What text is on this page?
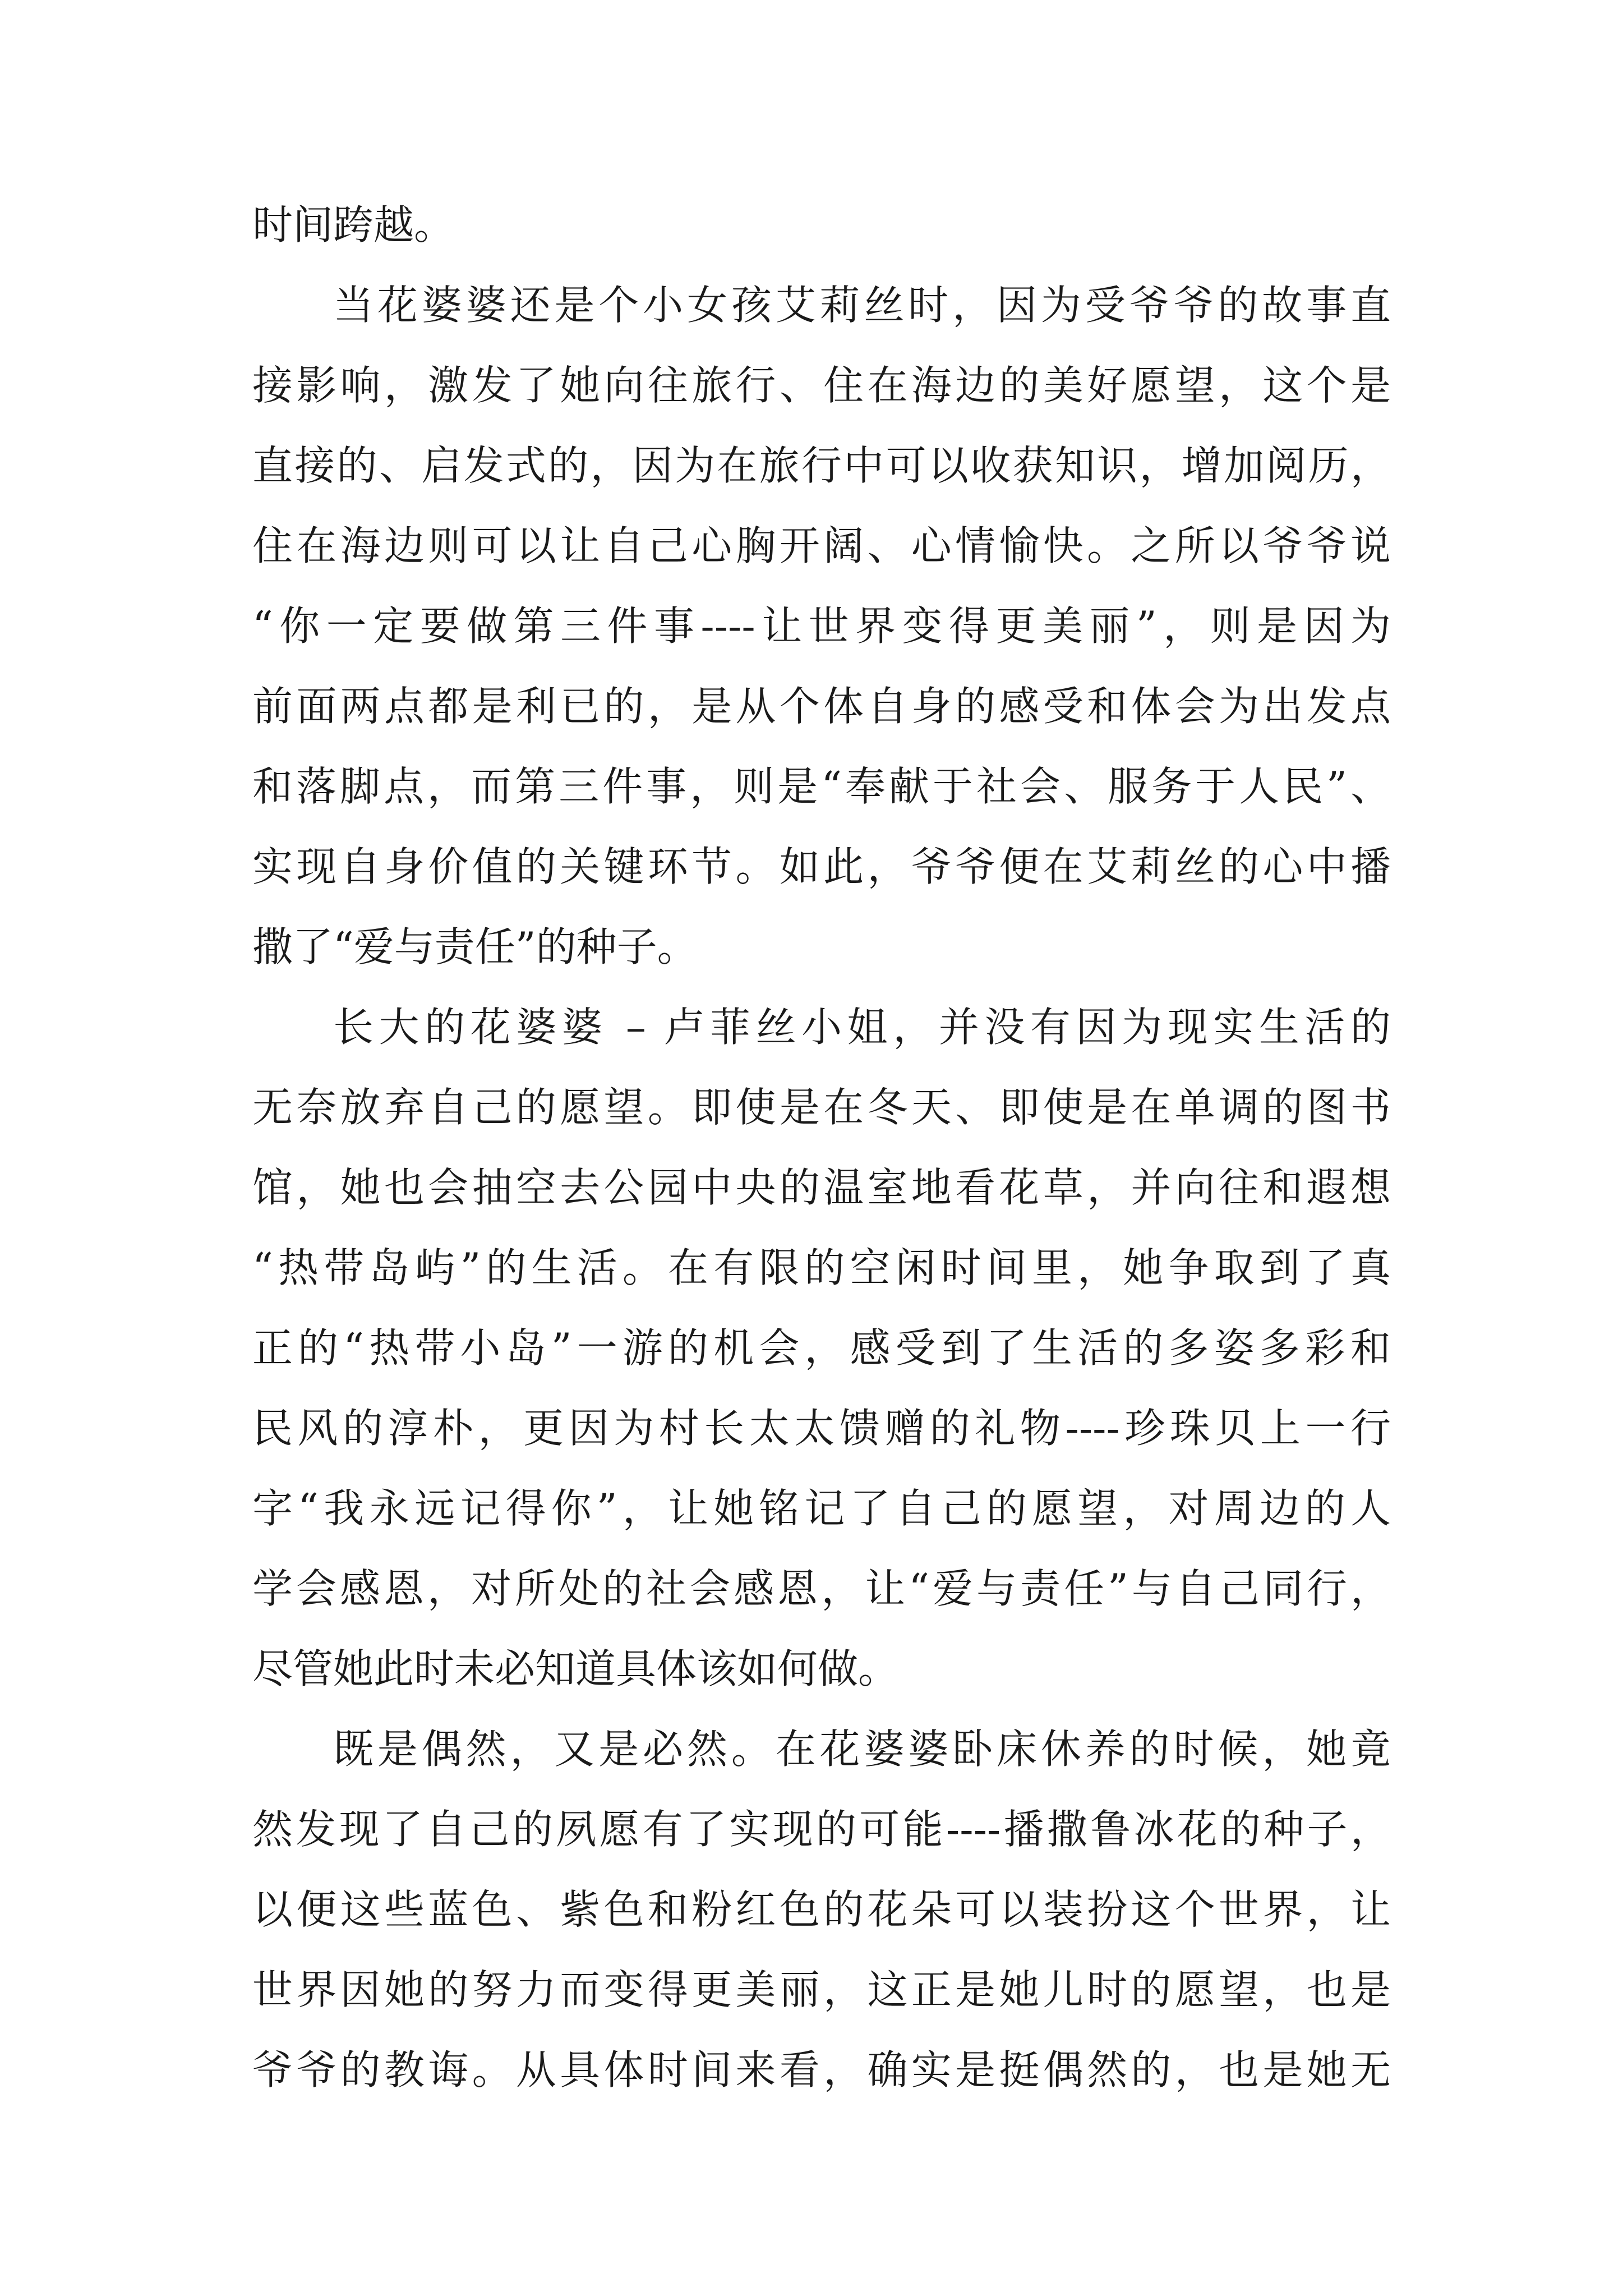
时间跨越。
当花婆婆还是个小女孩艾莉丝时，因为受爷爷的故事直
接影响，激发了她向往旅行、住在海边的美好愿望，这个是
直接的、启发式的，因为在旅行中可以收获知识，增加阅历，
住在海边则可以让自己心胸开阔、心情愉快。之所以爷爷说
“你一定要做第三件事----让世界变得更美丽”，则是因为
前面两点都是利已的，是从个体自身的感受和体会为出发点
和落脚点，而第三件事，则是“奉献于社会、服务于人民”、
实现自身价值的关键环节。如此，爷爷便在艾莉丝的心中播
撒了“爱与责任”的种子。
长大的花婆婆 – 卢菲丝小姐，并没有因为现实生活的
无奈放弃自己的愿望。即使是在冬天、即使是在单调的图书
馆，她也会抽空去公园中央的温室地看花草，并向往和遐想
“热带岛屿”的生活。在有限的空闲时间里，她争取到了真
正的“热带小岛”一游的机会，感受到了生活的多姿多彩和
民风的淳朴，更因为村长太太馈赠的礼物----珍珠贝上一行
字“我永远记得你”，让她铭记了自己的愿望，对周边的人
学会感恩，对所处的社会感恩，让“爱与责任”与自己同行，
尽管她此时未必知道具体该如何做。
既是偶然，又是必然。在花婆婆卧床休养的时候，她竟
然发现了自己的夙愿有了实现的可能----播撒鲁冰花的种子，
以便这些蓝色、紫色和粉红色的花朵可以装扮这个世界，让
世界因她的努力而变得更美丽，这正是她儿时的愿望，也是
爷爷的教诲。从具体时间来看，确实是挺偶然的，也是她无
